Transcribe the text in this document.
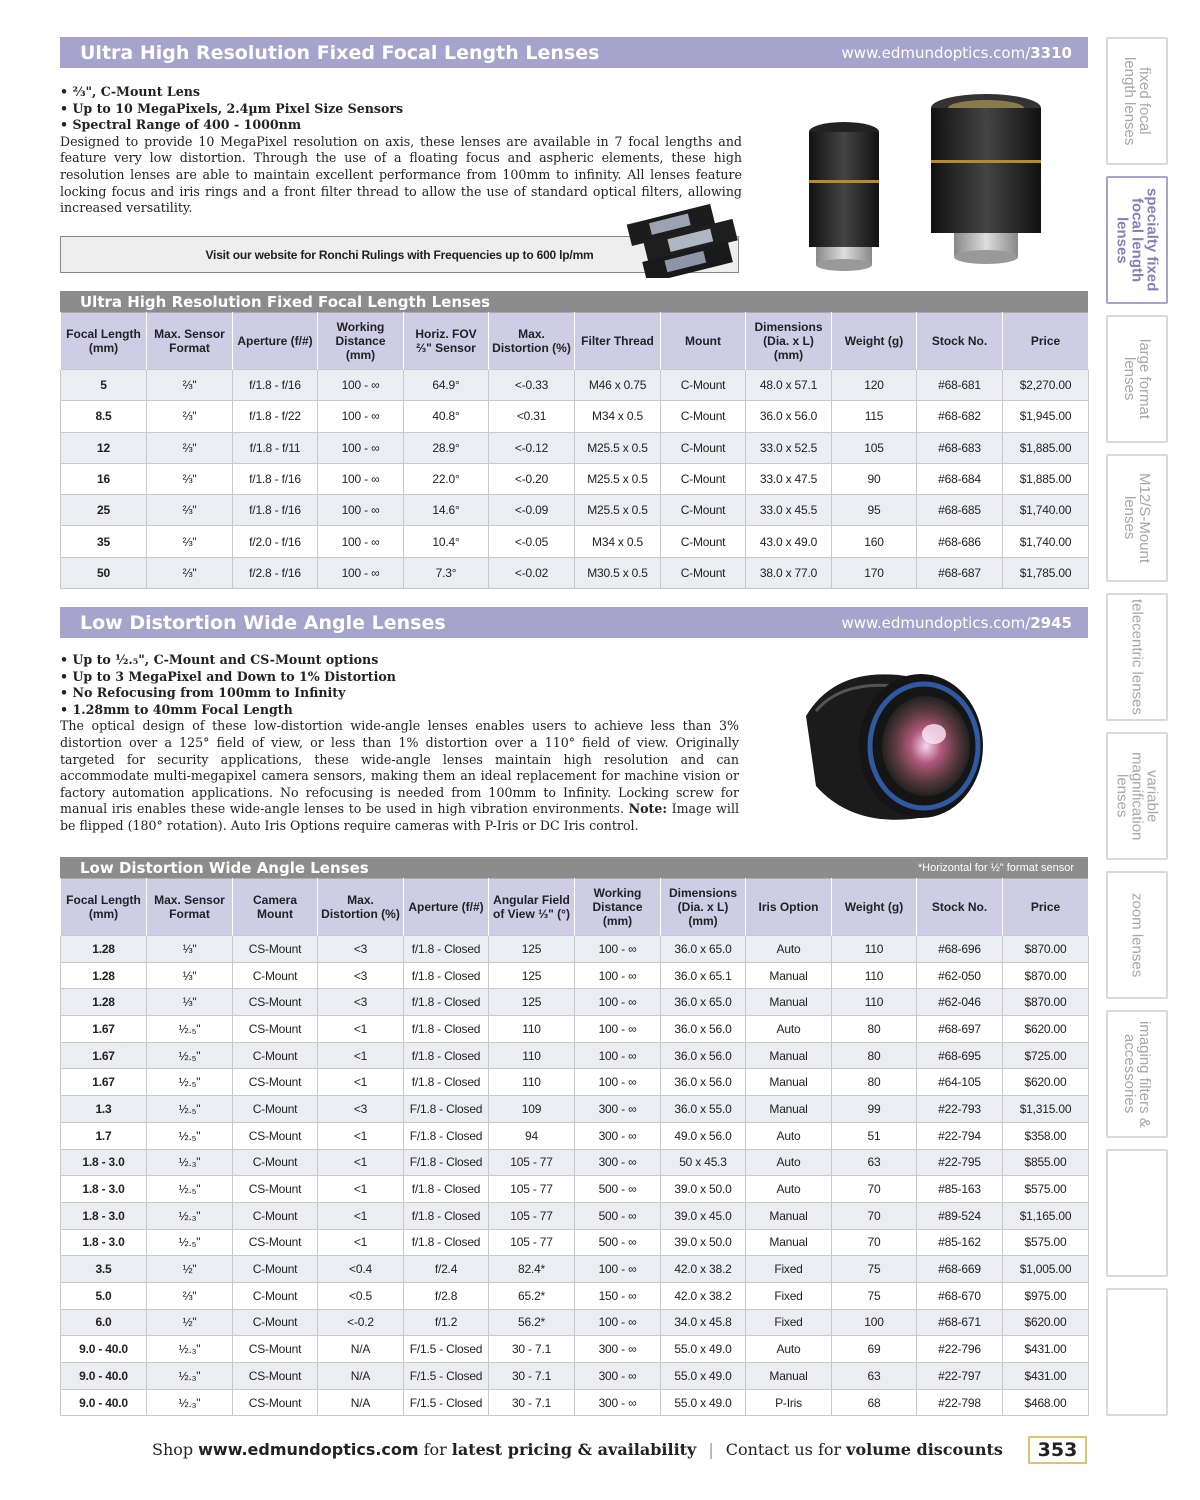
Ultra High Resolution Fixed Focal Length Lenses	www.edmundoptics.com/3310
• ⅔", C-Mount Lens
• Up to 10 MegaPixels, 2.4µm Pixel Size Sensors
• Spectral Range of 400 - 1000nm

Designed to provide 10 MegaPixel resolution on axis, these lenses are available in 7 focal lengths and feature very low distortion. Through the use of a floating focus and aspheric elements, these high resolution lenses are able to maintain excellent performance from 100mm to infinity. All lenses feature locking focus and iris rings and a front filter thread to allow the use of standard optical filters, allowing increased versatility.

Visit our website for Ronchi Rulings with Frequencies up to 600 lp/mm
Ultra High Resolution Fixed Focal Length Lenses
Focal Length (mm)	Max. Sensor Format	Aperture (f/#)	Working Distance (mm)	Horiz. FOV ⅔" Sensor	Max. Distortion (%)	Filter Thread	Mount	Dimensions (Dia. x L) (mm)	Weight (g)	Stock No.	Price
5	⅔"	f/1.8 - f/16	100 - ∞	64.9°	<-0.33	M46 x 0.75	C-Mount	48.0 x 57.1	120	#68-681	$2,270.00
8.5	⅔"	f/1.8 - f/22	100 - ∞	40.8°	<0.31	M34 x 0.5	C-Mount	36.0 x 56.0	115	#68-682	$1,945.00
12	⅔"	f/1.8 - f/11	100 - ∞	28.9°	<-0.12	M25.5 x 0.5	C-Mount	33.0 x 52.5	105	#68-683	$1,885.00
16	⅔"	f/1.8 - f/16	100 - ∞	22.0°	<-0.20	M25.5 x 0.5	C-Mount	33.0 x 47.5	90	#68-684	$1,885.00
25	⅔"	f/1.8 - f/16	100 - ∞	14.6°	<-0.09	M25.5 x 0.5	C-Mount	33.0 x 45.5	95	#68-685	$1,740.00
35	⅔"	f/2.0 - f/16	100 - ∞	10.4°	<-0.05	M34 x 0.5	C-Mount	43.0 x 49.0	160	#68-686	$1,740.00
50	⅔"	f/2.8 - f/16	100 - ∞	7.3°	<-0.02	M30.5 x 0.5	C-Mount	38.0 x 77.0	170	#68-687	$1,785.00
Low Distortion Wide Angle Lenses	www.edmundoptics.com/2945
• Up to ½.₅", C-Mount and CS-Mount options
• Up to 3 MegaPixel and Down to 1% Distortion
• No Refocusing from 100mm to Infinity
• 1.28mm to 40mm Focal Length

The optical design of these low-distortion wide-angle lenses enables users to achieve less than 3% distortion over a 125° field of view, or less than 1% distortion over a 110° field of view. Originally targeted for security applications, these wide-angle lenses maintain high resolution and can accommodate multi-megapixel camera sensors, making them an ideal replacement for machine vision or factory automation applications. No refocusing is needed from 100mm to Infinity. Locking screw for manual iris enables these wide-angle lenses to be used in high vibration environments. Note: Image will be flipped (180° rotation). Auto Iris Options require cameras with P-Iris or DC Iris control.

Low Distortion Wide Angle Lenses	*Horizontal for ½" format sensor
Focal Length (mm)	Max. Sensor Format	Camera Mount	Max. Distortion (%)	Aperture (f/#)	Angular Field of View ⅓" (°)	Working Distance (mm)	Dimensions (Dia. x L) (mm)	Iris Option	Weight (g)	Stock No.	Price
1.28	⅓"	CS-Mount	<3	f/1.8 - Closed	125	100 - ∞	36.0 x 65.0	Auto	110	#68-696	$870.00
1.28	⅓"	C-Mount	<3	f/1.8 - Closed	125	100 - ∞	36.0 x 65.1	Manual	110	#62-050	$870.00
1.28	⅓"	CS-Mount	<3	f/1.8 - Closed	125	100 - ∞	36.0 x 65.0	Manual	110	#62-046	$870.00
1.67	½.₅"	CS-Mount	<1	f/1.8 - Closed	110	100 - ∞	36.0 x 56.0	Auto	80	#68-697	$620.00
1.67	½.₅"	C-Mount	<1	f/1.8 - Closed	110	100 - ∞	36.0 x 56.0	Manual	80	#68-695	$725.00
1.67	½.₅"	CS-Mount	<1	f/1.8 - Closed	110	100 - ∞	36.0 x 56.0	Manual	80	#64-105	$620.00
1.3	½.₅"	C-Mount	<3	F/1.8 - Closed	109	300 - ∞	36.0 x 55.0	Manual	99	#22-793	$1,315.00
1.7	½.₅"	CS-Mount	<1	F/1.8 - Closed	94	300 - ∞	49.0 x 56.0	Auto	51	#22-794	$358.00
1.8 - 3.0	½.₃"	C-Mount	<1	F/1.8 - Closed	105 - 77	300 - ∞	50 x 45.3	Auto	63	#22-795	$855.00
1.8 - 3.0	½.₅"	CS-Mount	<1	f/1.8 - Closed	105 - 77	500 - ∞	39.0 x 50.0	Auto	70	#85-163	$575.00
1.8 - 3.0	½.₃"	C-Mount	<1	f/1.8 - Closed	105 - 77	500 - ∞	39.0 x 45.0	Manual	70	#89-524	$1,165.00
1.8 - 3.0	½.₅"	CS-Mount	<1	f/1.8 - Closed	105 - 77	500 - ∞	39.0 x 50.0	Manual	70	#85-162	$575.00
3.5	½"	C-Mount	<0.4	f/2.4	82.4*	100 - ∞	42.0 x 38.2	Fixed	75	#68-669	$1,005.00
5.0	⅔"	C-Mount	<0.5	f/2.8	65.2*	150 - ∞	42.0 x 38.2	Fixed	75	#68-670	$975.00
6.0	½"	C-Mount	<-0.2	f/1.2	56.2*	100 - ∞	34.0 x 45.8	Fixed	100	#68-671	$620.00
9.0 - 40.0	½.₃"	CS-Mount	N/A	F/1.5 - Closed	30 - 7.1	300 - ∞	55.0 x 49.0	Auto	69	#22-796	$431.00
9.0 - 40.0	½.₃"	CS-Mount	N/A	F/1.5 - Closed	30 - 7.1	300 - ∞	55.0 x 49.0	Manual	63	#22-797	$431.00
9.0 - 40.0	½.₃"	CS-Mount	N/A	F/1.5 - Closed	30 - 7.1	300 - ∞	55.0 x 49.0	P-Iris	68	#22-798	$468.00
fixed focal
length lenses
specialty fixed
focal length lenses
large format
lenses
M12/S-Mount
lenses
telecentric lenses
variable
magnification
lenses
zoom lenses
imaging filters &
accessories
Shop www.edmundoptics.com for latest pricing & availability | Contact us for volume discounts	353
